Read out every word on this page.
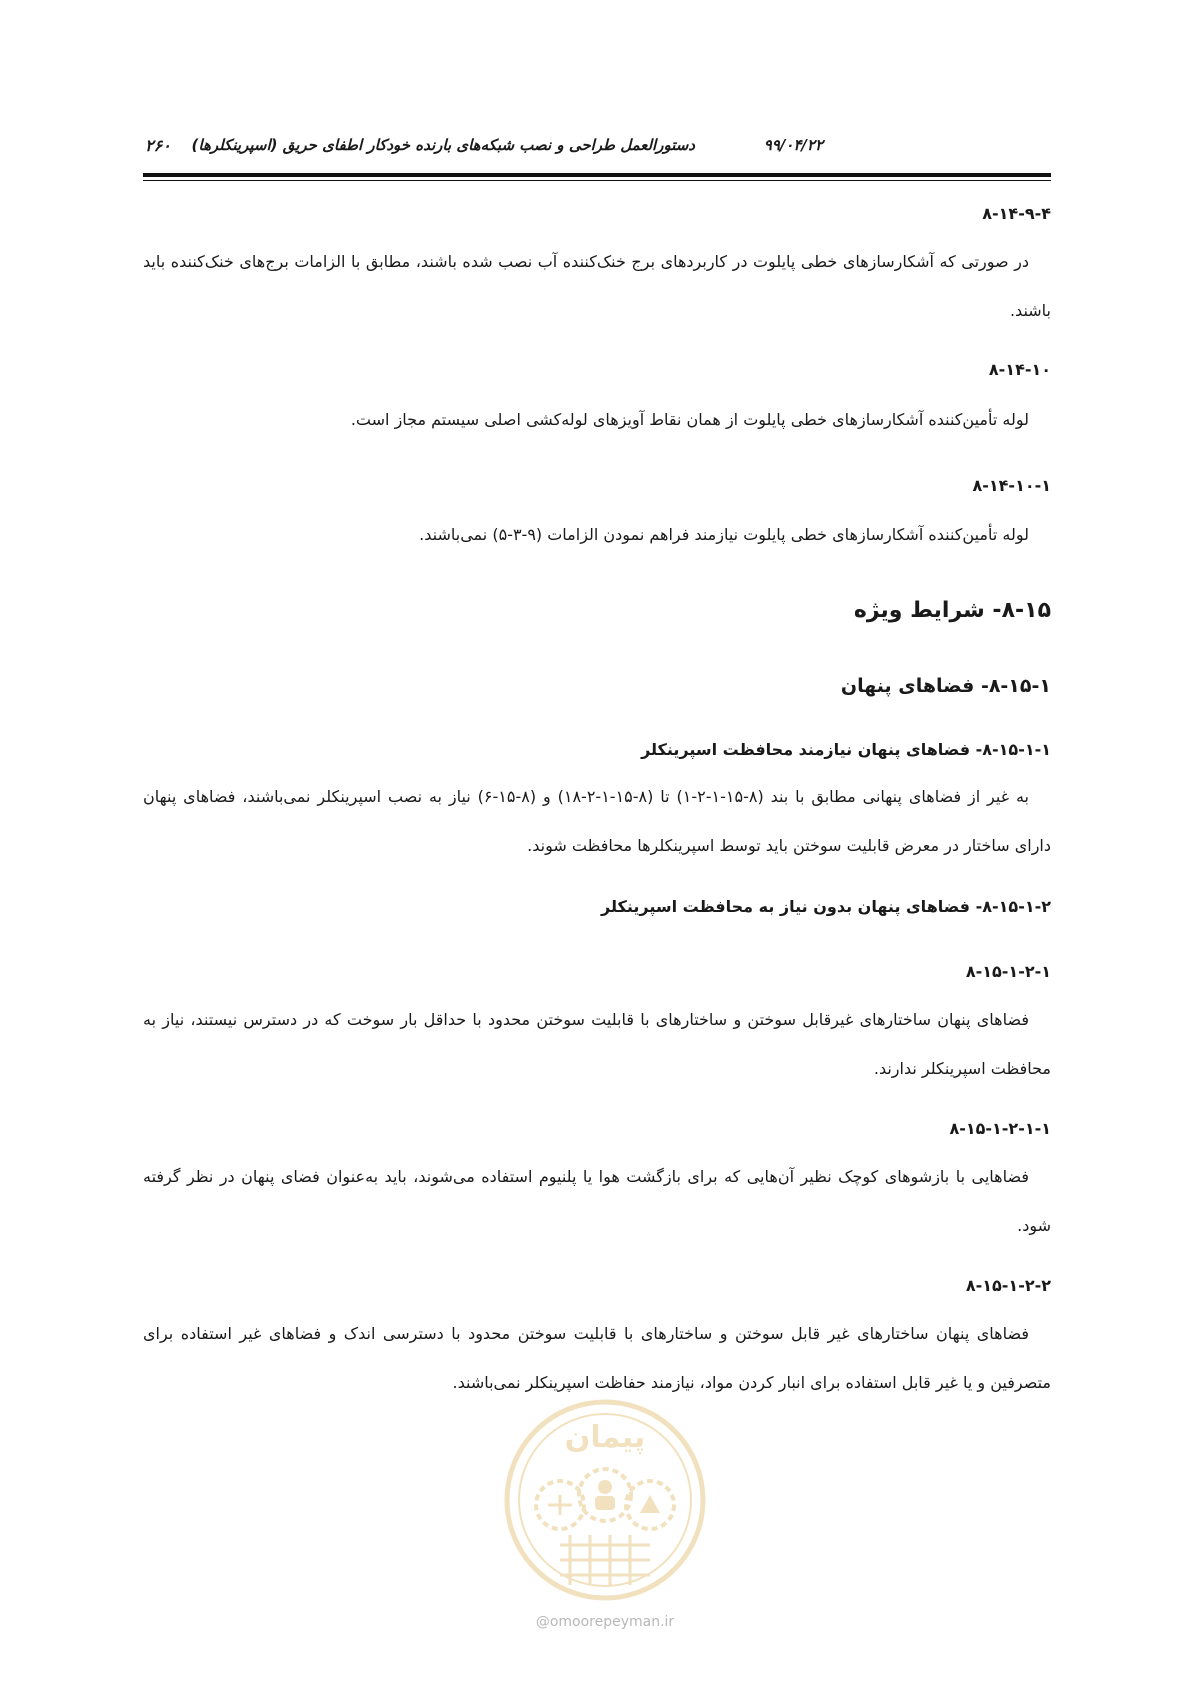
دستورالعمل طراحی و نصب شبکه‌های بارنده خودکار اطفای حریق (اسپرینکلرها)	۹۹/۰۴/۲۲
۲۶۰
۸-۱۴-۹-۴
در صورتی که آشکارسازهای خطی پایلوت در کاربردهای برج خنک‌کننده آب نصب شده باشند، مطابق با الزامات برج‌های خنک‌کننده باید باشند.
۸-۱۴-۱۰
لوله تأمین‌کننده آشکارسازهای خطی پایلوت از همان نقاط آویزهای لوله‌کشی اصلی سیستم مجاز است.
۸-۱۴-۱۰-۱
لوله تأمین‌کننده آشکارسازهای خطی پایلوت نیازمند فراهم نمودن الزامات (۹-۳-۵) نمی‌باشند.
۸-۱۵- شرایط ویژه
۸-۱۵-۱- فضاهای پنهان
۸-۱۵-۱-۱- فضاهای پنهان نیازمند محافظت اسپرینکلر
به غیر از فضاهای پنهانی مطابق با بند (۸-۱۵-۱-۲-۱) تا (۸-۱۵-۱-۲-۱۸) و (۸-۱۵-۶) نیاز به نصب اسپرینکلر نمی‌باشند، فضاهای پنهان دارای ساختار در معرض قابلیت سوختن باید توسط اسپرینکلرها محافظت شوند.
۸-۱۵-۱-۲- فضاهای پنهان بدون نیاز به محافظت اسپرینکلر
۸-۱۵-۱-۲-۱
فضاهای پنهان ساختارهای غیرقابل سوختن و ساختارهای با قابلیت سوختن محدود با حداقل بار سوخت که در دسترس نیستند، نیاز به محافظت اسپرینکلر ندارند.
۸-۱۵-۱-۲-۱-۱
فضاهایی با بازشوهای کوچک نظیر آن‌هایی که برای بازگشت هوا یا پلنیوم استفاده می‌شوند، باید به‌عنوان فضای پنهان در نظر گرفته شود.
۸-۱۵-۱-۲-۲
فضاهای پنهان ساختارهای غیر قابل سوختن و ساختارهای با قابلیت سوختن محدود با دسترسی اندک و فضاهای غیر استفاده برای متصرفین و یا غیر قابل استفاده برای انبار کردن مواد، نیازمند حفاظت اسپرینکلر نمی‌باشند.
پیمان
@omoorepeyman.ir
